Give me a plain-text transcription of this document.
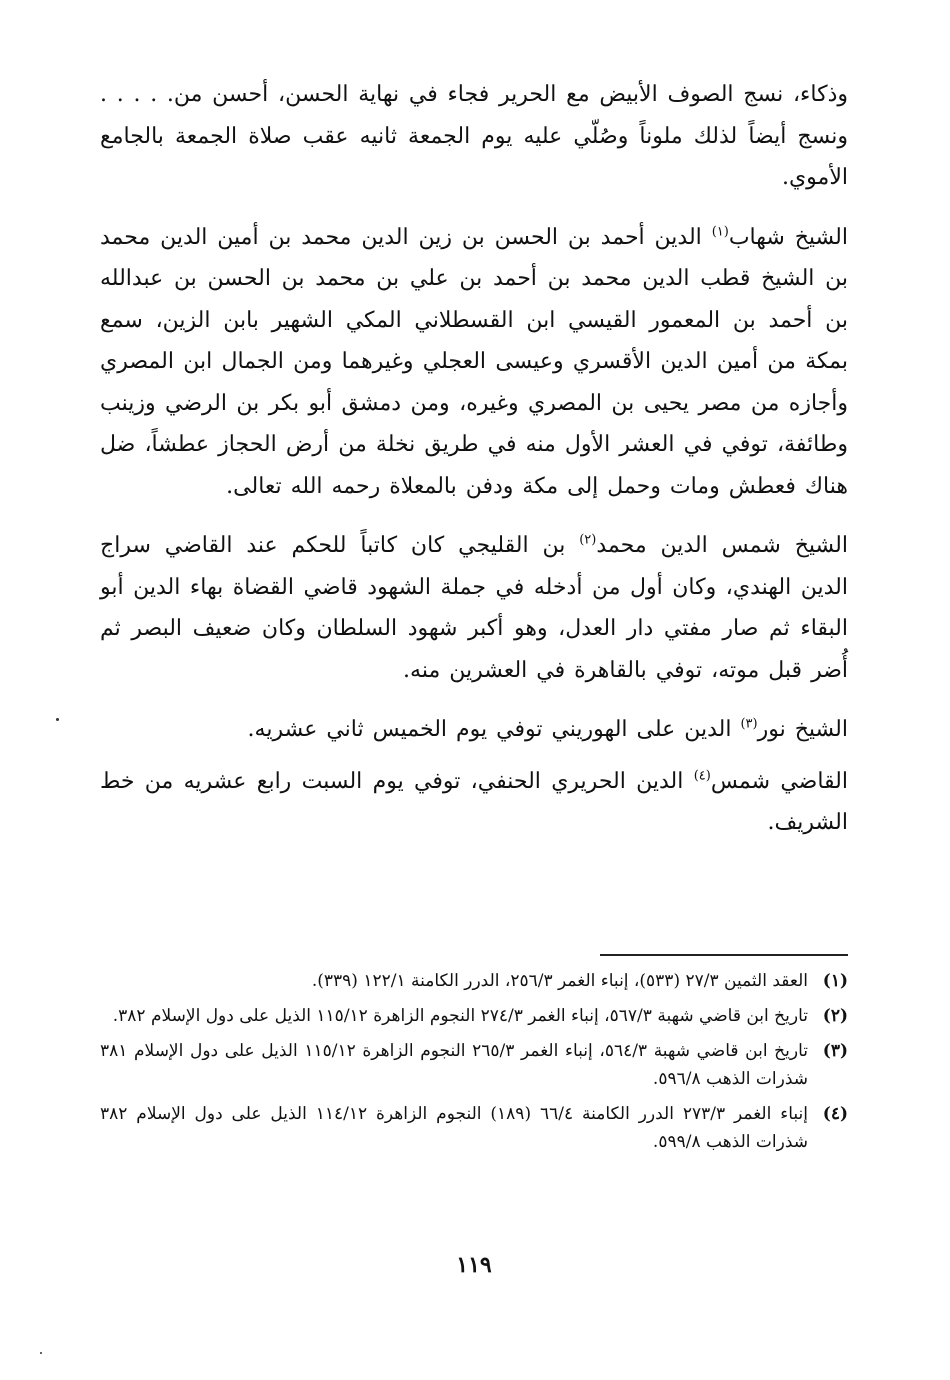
وذكاء، نسج الصوف الأبيض مع الحرير فجاء في نهاية الحسن، أحسن من. . . . . ونسج أيضاً لذلك ملوناً وصُلّي عليه يوم الجمعة ثانيه عقب صلاة الجمعة بالجامع الأموي.

الشيخ شهاب$^{(١)}$ الدين أحمد بن الحسن بن زين الدين محمد بن أمين الدين محمد بن الشيخ قطب الدين محمد بن أحمد بن علي بن محمد بن الحسن بن عبدالله بن أحمد بن المعمور القيسي ابن القسطلاني المكي الشهير بابن الزين، سمع بمكة من أمين الدين الأقسري وعيسى العجلي وغيرهما ومن الجمال ابن المصري وأجازه من مصر يحيى بن المصري وغيره، ومن دمشق أبو بكر بن الرضي وزينب وطائفة، توفي في العشر الأول منه في طريق نخلة من أرض الحجاز عطشاً، ضل هناك فعطش ومات وحمل إلى مكة ودفن بالمعلاة رحمه الله تعالى.

الشيخ شمس الدين محمد$^{(٢)}$ بن القليجي كان كاتباً للحكم عند القاضي سراج الدين الهندي، وكان أول من أدخله في جملة الشهود قاضي القضاة بهاء الدين أبو البقاء ثم صار مفتي دار العدل، وهو أكبر شهود السلطان وكان ضعيف البصر ثم أُضر قبل موته، توفي بالقاهرة في العشرين منه.

الشيخ نور$^{(٣)}$ الدين على الهوريني توفي يوم الخميس ثاني عشريه.

القاضي شمس$^{(٤)}$ الدين الحريري الحنفي، توفي يوم السبت رابع عشريه من خط الشريف.

(١)
العقد الثمين ٢٧/٣ (٥٣٣)، إنباء الغمر ٢٥٦/٣، الدرر الكامنة ١٢٢/١ (٣٣٩).
(٢)
تاريخ ابن قاضي شهبة ٥٦٧/٣، إنباء الغمر ٢٧٤/٣ النجوم الزاهرة ١١٥/١٢ الذيل على دول الإسلام ٣٨٢.
(٣)
تاريخ ابن قاضي شهبة ٥٦٤/٣، إنباء الغمر ٢٦٥/٣ النجوم الزاهرة ١١٥/١٢ الذيل على دول الإسلام ٣٨١ شذرات الذهب ٥٩٦/٨.
(٤)
إنباء الغمر ٢٧٣/٣ الدرر الكامنة ٦٦/٤ (١٨٩) النجوم الزاهرة ١١٤/١٢ الذيل على دول الإسلام ٣٨٢ شذرات الذهب ٥٩٩/٨.
١١٩
